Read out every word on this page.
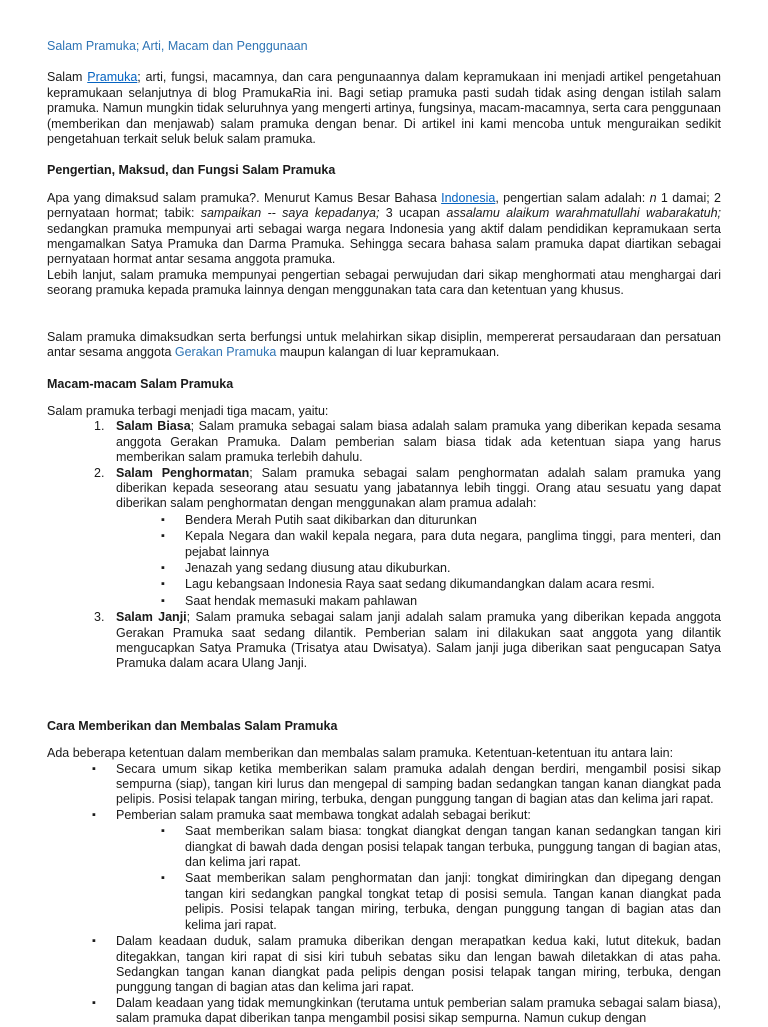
Salam Pramuka; Arti, Macam dan Penggunaan

Salam Pramuka; arti, fungsi, macamnya, dan cara pengunaannya dalam kepramukaan ini menjadi artikel pengetahuan kepramukaan selanjutnya di blog PramukaRia ini. Bagi setiap pramuka pasti sudah tidak asing dengan istilah salam pramuka. Namun mungkin tidak seluruhnya yang mengerti artinya, fungsinya, macam-macamnya, serta cara penggunaan (memberikan dan menjawab) salam pramuka dengan benar. Di artikel ini kami mencoba untuk menguraikan sedikit pengetahuan terkait seluk beluk salam pramuka.

Pengertian, Maksud, dan Fungsi Salam Pramuka

Apa yang dimaksud salam pramuka?. Menurut Kamus Besar Bahasa Indonesia, pengertian salam adalah: n 1 damai; 2 pernyataan hormat; tabik: sampaikan -- saya kepadanya; 3 ucapan assalamu alaikum warahmatullahi wabarakatuh; sedangkan pramuka mempunyai arti sebagai warga negara Indonesia yang aktif dalam pendidikan kepramukaan serta mengamalkan Satya Pramuka dan Darma Pramuka. Sehingga secara bahasa salam pramuka dapat diartikan sebagai pernyataan hormat antar sesama anggota pramuka.

Lebih lanjut, salam pramuka mempunyai pengertian sebagai perwujudan dari sikap menghormati atau menghargai dari seorang pramuka kepada pramuka lainnya dengan menggunakan tata cara dan ketentuan yang khusus.

Salam pramuka dimaksudkan serta berfungsi untuk melahirkan sikap disiplin, mempererat persaudaraan dan persatuan antar sesama anggota Gerakan Pramuka maupun kalangan di luar kepramukaan.

Macam-macam Salam Pramuka

Salam pramuka terbagi menjadi tiga macam, yaitu:

1. Salam Biasa; Salam pramuka sebagai salam biasa adalah salam pramuka yang diberikan kepada sesama anggota Gerakan Pramuka. Dalam pemberian salam biasa tidak ada ketentuan siapa yang harus memberikan salam pramuka terlebih dahulu.
2. Salam Penghormatan; Salam pramuka sebagai salam penghormatan adalah salam pramuka yang diberikan kepada seseorang atau sesuatu yang jabatannya lebih tinggi. Orang atau sesuatu yang dapat diberikan salam penghormatan dengan menggunakan alam pramua adalah:
▪ Bendera Merah Putih saat dikibarkan dan diturunkan
▪ Kepala Negara dan wakil kepala negara, para duta negara, panglima tinggi, para menteri, dan pejabat lainnya
▪ Jenazah yang sedang diusung atau dikuburkan.
▪ Lagu kebangsaan Indonesia Raya saat sedang dikumandangkan dalam acara resmi.
▪ Saat hendak memasuki makam pahlawan
3. Salam Janji; Salam pramuka sebagai salam janji adalah salam pramuka yang diberikan kepada anggota Gerakan Pramuka saat sedang dilantik. Pemberian salam ini dilakukan saat anggota yang dilantik mengucapkan Satya Pramuka (Trisatya atau Dwisatya). Salam janji juga diberikan saat pengucapan Satya Pramuka dalam acara Ulang Janji.
Cara Memberikan dan Membalas Salam Pramuka

Ada beberapa ketentuan dalam memberikan dan membalas salam pramuka. Ketentuan-ketentuan itu antara lain:

▪ Secara umum sikap ketika memberikan salam pramuka adalah dengan berdiri, mengambil posisi sikap sempurna (siap), tangan kiri lurus dan mengepal di samping badan sedangkan tangan kanan diangkat pada pelipis. Posisi telapak tangan miring, terbuka, dengan punggung tangan di bagian atas dan kelima jari rapat.
▪ Pemberian salam pramuka saat membawa tongkat adalah sebagai berikut:
▪ Saat memberikan salam biasa: tongkat diangkat dengan tangan kanan sedangkan tangan kiri diangkat di bawah dada dengan posisi telapak tangan terbuka, punggung tangan di bagian atas, dan kelima jari rapat.
▪ Saat memberikan salam penghormatan dan janji: tongkat dimiringkan dan dipegang dengan tangan kiri sedangkan pangkal tongkat tetap di posisi semula. Tangan kanan diangkat pada pelipis. Posisi telapak tangan miring, terbuka, dengan punggung tangan di bagian atas dan kelima jari rapat.
▪ Dalam keadaan duduk, salam pramuka diberikan dengan merapatkan kedua kaki, lutut ditekuk, badan ditegakkan, tangan kiri rapat di sisi kiri tubuh sebatas siku dan lengan bawah diletakkan di atas paha. Sedangkan tangan kanan diangkat pada pelipis dengan posisi telapak tangan miring, terbuka, dengan punggung tangan di bagian atas dan kelima jari rapat.
▪ Dalam keadaan yang tidak memungkinkan (terutama untuk pemberian salam pramuka sebagai salam biasa), salam pramuka dapat diberikan tanpa mengambil posisi sikap sempurna. Namun cukup dengan
